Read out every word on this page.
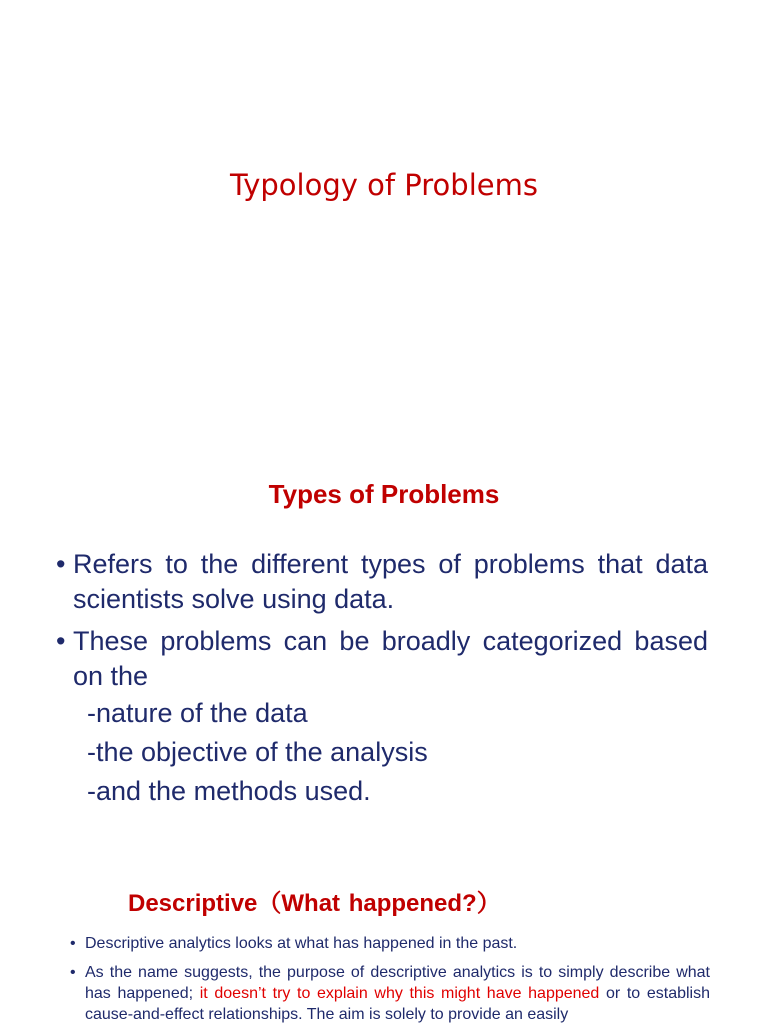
Typology of Problems
Types of Problems
• Refers to the different types of problems that data scientists solve using data.
• These problems can be broadly categorized based on the
-nature of the data
-the objective of the analysis
-and the methods used.
Descriptive（What happened?）
• Descriptive analytics looks at what has happened in the past.
• As the name suggests, the purpose of descriptive analytics is to simply describe what has happened; it doesn’t try to explain why this might have happened or to establish cause-and-effect relationships. The aim is solely to provide an easily
